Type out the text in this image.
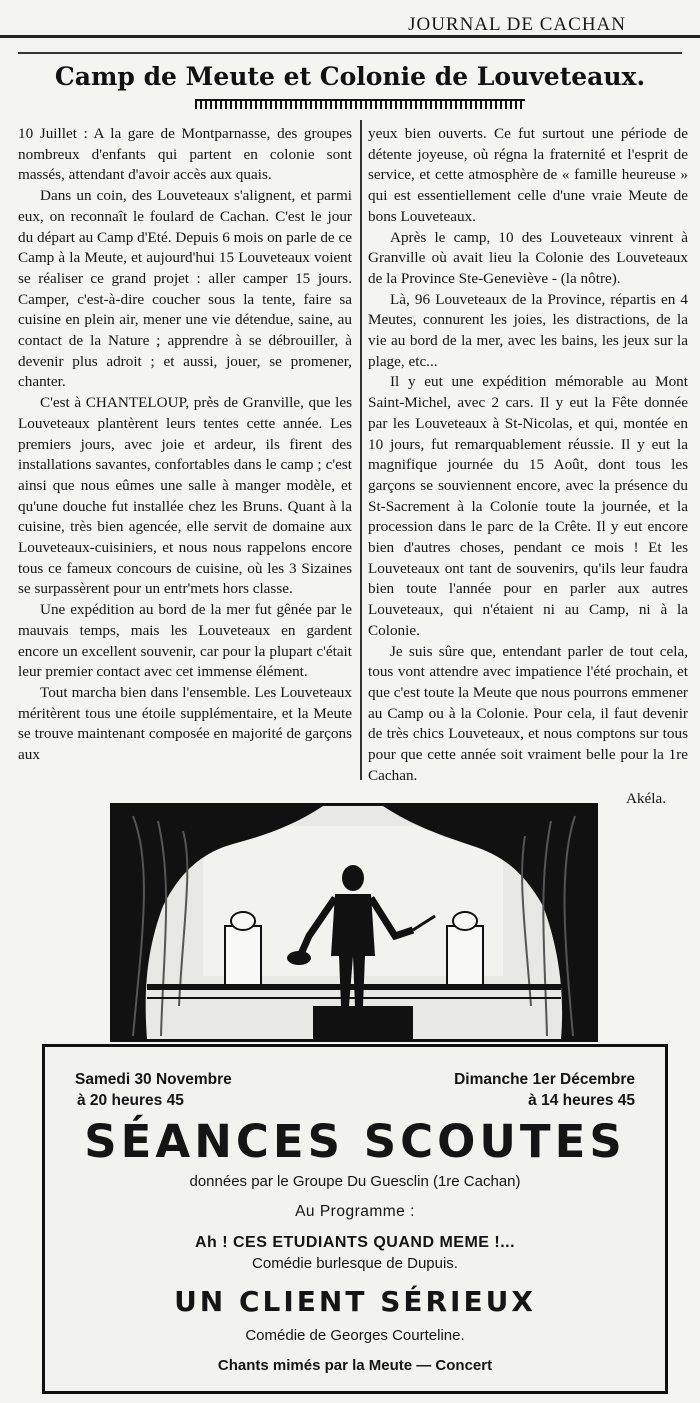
JOURNAL DE CACHAN
Camp de Meute et Colonie de Louveteaux.

10 Juillet : A la gare de Montparnasse, des groupes nombreux d'enfants qui partent en colonie sont massés, attendant d'avoir accès aux quais.

Dans un coin, des Louveteaux s'alignent, et parmi eux, on reconnaît le foulard de Cachan. C'est le jour du départ au Camp d'Eté. Depuis 6 mois on parle de ce Camp à la Meute, et aujourd'hui 15 Louveteaux voient se réaliser ce grand projet : aller camper 15 jours. Camper, c'est-à-dire coucher sous la tente, faire sa cuisine en plein air, mener une vie détendue, saine, au contact de la Nature ; apprendre à se débrouiller, à devenir plus adroit ; et aussi, jouer, se promener, chanter.

C'est à CHANTELOUP, près de Granville, que les Louveteaux plantèrent leurs tentes cette année. Les premiers jours, avec joie et ardeur, ils firent des installations savantes, confortables dans le camp ; c'est ainsi que nous eûmes une salle à manger modèle, et qu'une douche fut installée chez les Bruns. Quant à la cuisine, très bien agencée, elle servit de domaine aux Louveteaux-cuisiniers, et nous nous rappelons encore tous ce fameux concours de cuisine, où les 3 Sizaines se surpassèrent pour un entr'mets hors classe.

Une expédition au bord de la mer fut gênée par le mauvais temps, mais les Louveteaux en gardent encore un excellent souvenir, car pour la plupart c'était leur premier contact avec cet immense élément.

Tout marcha bien dans l'ensemble. Les Louveteaux méritèrent tous une étoile supplémentaire, et la Meute se trouve maintenant composée en majorité de garçons aux

yeux bien ouverts. Ce fut surtout une période de détente joyeuse, où régna la fraternité et l'esprit de service, et cette atmosphère de « famille heureuse » qui est essentiellement celle d'une vraie Meute de bons Louveteaux.

Après le camp, 10 des Louveteaux vinrent à Granville où avait lieu la Colonie des Louveteaux de la Province Ste-Geneviève - (la nôtre).

Là, 96 Louveteaux de la Province, répartis en 4 Meutes, connurent les joies, les distractions, de la vie au bord de la mer, avec les bains, les jeux sur la plage, etc...

Il y eut une expédition mémorable au Mont Saint-Michel, avec 2 cars. Il y eut la Fête donnée par les Louveteaux à St-Nicolas, et qui, montée en 10 jours, fut remarquablement réussie. Il y eut la magnifique journée du 15 Août, dont tous les garçons se souviennent encore, avec la présence du St-Sacrement à la Colonie toute la journée, et la procession dans le parc de la Crête. Il y eut encore bien d'autres choses, pendant ce mois ! Et les Louveteaux ont tant de souvenirs, qu'ils leur faudra bien toute l'année pour en parler aux autres Louveteaux, qui n'étaient ni au Camp, ni à la Colonie.

Je suis sûre que, entendant parler de tout cela, tous vont attendre avec impatience l'été prochain, et que c'est toute la Meute que nous pourrons emmener au Camp ou à la Colonie. Pour cela, il faut devenir de très chics Louveteaux, et nous comptons sur tous pour que cette année soit vraiment belle pour la 1re Cachan.

Akéla.
Samedi 30 Novembre
à 20 heures 45
Dimanche 1er Décembre
à 14 heures 45
SÉANCES SCOUTES
données par le Groupe Du Guesclin (1re Cachan)
Au Programme :
Ah ! CES ETUDIANTS QUAND MEME !...
Comédie burlesque de Dupuis.
UN CLIENT SÉRIEUX
Comédie de Georges Courteline.
Chants mimés par la Meute — Concert
